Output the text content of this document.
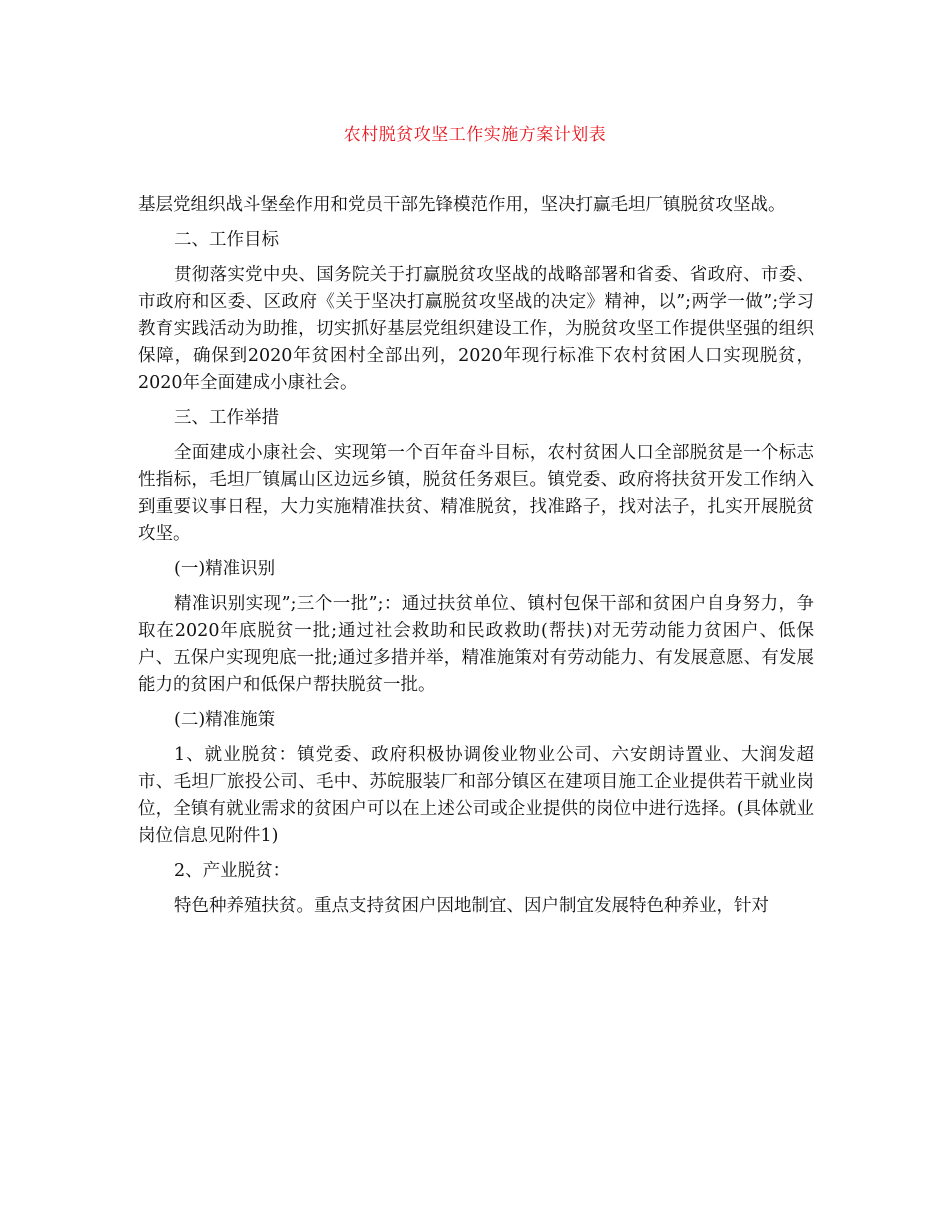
农村脱贫攻坚工作实施方案计划表

基层党组织战斗堡垒作用和党员干部先锋模范作用，坚决打赢毛坦厂镇脱贫攻坚战。

二、工作目标

贯彻落实党中央、国务院关于打赢脱贫攻坚战的战略部署和省委、省政府、市委、市政府和区委、区政府《关于坚决打赢脱贫攻坚战的决定》精神，以”;两学一做”;学习教育实践活动为助推，切实抓好基层党组织建设工作，为脱贫攻坚工作提供坚强的组织保障，确保到2020年贫困村全部出列，2020年现行标准下农村贫困人口实现脱贫，2020年全面建成小康社会。

三、工作举措

全面建成小康社会、实现第一个百年奋斗目标，农村贫困人口全部脱贫是一个标志性指标，毛坦厂镇属山区边远乡镇，脱贫任务艰巨。镇党委、政府将扶贫开发工作纳入到重要议事日程，大力实施精准扶贫、精准脱贫，找准路子，找对法子，扎实开展脱贫攻坚。

(一)精准识别

精准识别实现”;三个一批”;：通过扶贫单位、镇村包保干部和贫困户自身努力，争取在2020年底脱贫一批;通过社会救助和民政救助(帮扶)对无劳动能力贫困户、低保户、五保户实现兜底一批;通过多措并举，精准施策对有劳动能力、有发展意愿、有发展能力的贫困户和低保户帮扶脱贫一批。

(二)精准施策

1、就业脱贫：镇党委、政府积极协调俊业物业公司、六安朗诗置业、大润发超市、毛坦厂旅投公司、毛中、苏皖服装厂和部分镇区在建项目施工企业提供若干就业岗位，全镇有就业需求的贫困户可以在上述公司或企业提供的岗位中进行选择。(具体就业岗位信息见附件1)

2、产业脱贫：

特色种养殖扶贫。重点支持贫困户因地制宜、因户制宜发展特色种养业，针对
